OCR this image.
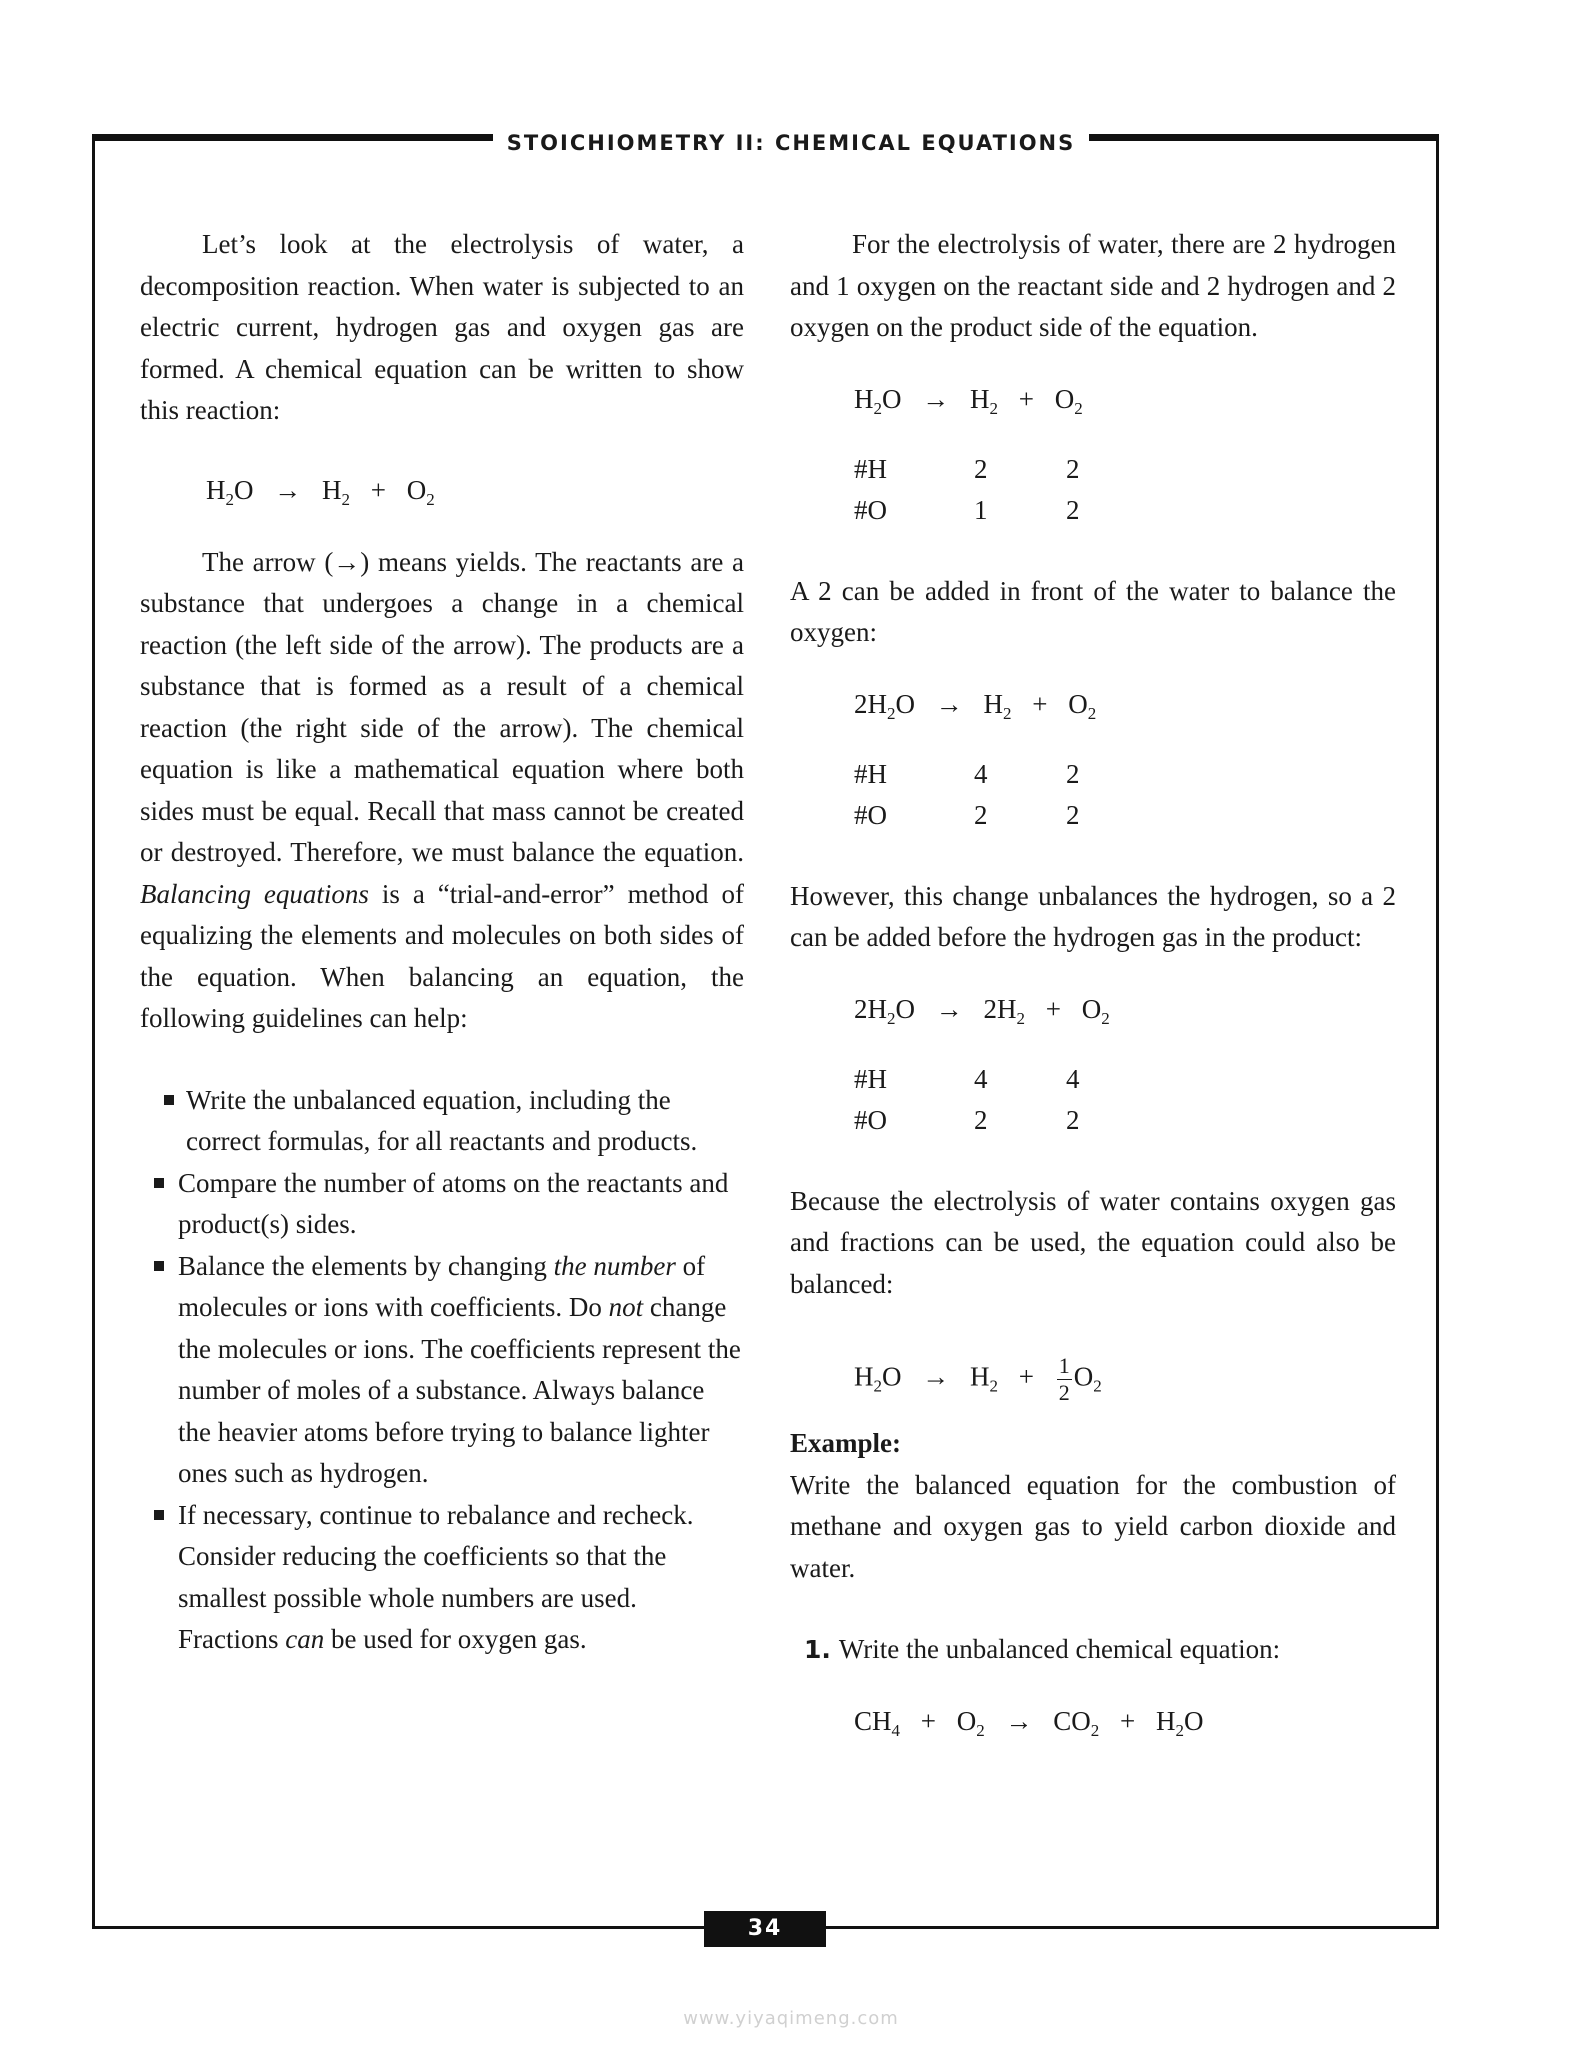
STOICHIOMETRY II: CHEMICAL EQUATIONS

Let’s look at the electrolysis of water, a decomposition reaction. When water is subjected to an electric current, hydrogen gas and oxygen gas are formed. A chemical equation can be written to show this reaction:

$H_2O \to H_2 + O_2$

The arrow (→) means yields. The reactants are a substance that undergoes a change in a chemical reaction (the left side of the arrow). The products are a substance that is formed as a result of a chemical reaction (the right side of the arrow). The chemical equation is like a mathematical equation where both sides must be equal. Recall that mass cannot be created or destroyed. Therefore, we must balance the equation. Balancing equations is a “trial-and-error” method of equalizing the elements and molecules on both sides of the equation. When balancing an equation, the following guidelines can help:

Write the unbalanced equation, including the correct formulas, for all reactants and products.
Compare the number of atoms on the reactants and product(s) sides.
Balance the elements by changing the number of molecules or ions with coefficients. Do not change the molecules or ions. The coefficients represent the number of moles of a substance. Always balance the heavier atoms before trying to balance lighter ones such as hydrogen.
If necessary, continue to rebalance and recheck. Consider reducing the coefficients so that the smallest possible whole numbers are used. Fractions can be used for oxygen gas.

For the electrolysis of water, there are 2 hydrogen and 1 oxygen on the reactant side and 2 hydrogen and 2 oxygen on the product side of the equation.

$H_2O \to H_2 + O_2$
#H	2	2
#O	1	2

A 2 can be added in front of the water to balance the oxygen:

$2H_2O \to H_2 + O_2$
#H	4	2
#O	2	2

However, this change unbalances the hydrogen, so a 2 can be added before the hydrogen gas in the product:

$2H_2O \to 2H_2 + O_2$
#H	4	4
#O	2	2

Because the electrolysis of water contains oxygen gas and fractions can be used, the equation could also be balanced:

$H_2O \to H_2 + \frac{1}{2} O_2$

Example:

Write the balanced equation for the combustion of methane and oxygen gas to yield carbon dioxide and water.

1. Write the unbalanced chemical equation:

$CH_4 + O_2 \to CO_2 + H_2O$
34
www.yiyaqimeng.com
